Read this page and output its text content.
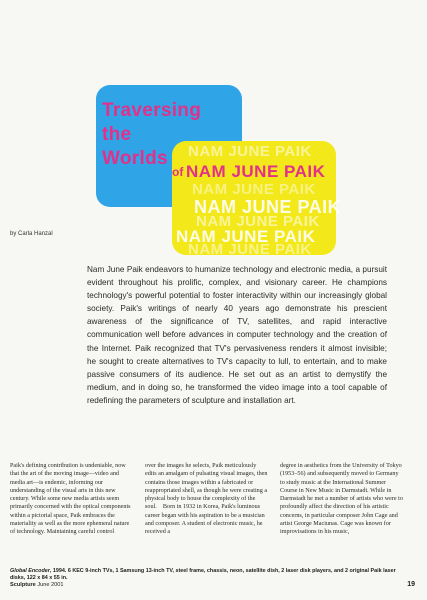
NAM JUNE PAIK
NAM JUNE PAIK
NAM JUNE PAIK
NAM JUNE PAIK
NAM JUNE PAIK
NAM JUNE PAIK
Traversing
the
Worlds
of NAM JUNE PAIK
by Carla Hanzal

Nam June Paik endeavors to humanize technology and electronic media, a pursuit evident throughout his prolific, complex, and visionary career. He champions technology's powerful potential to foster interactivity within our increasingly global society. Paik's writings of nearly 40 years ago demonstrate his prescient awareness of the significance of TV, satellites, and rapid interactive communication well before advances in computer technology and the creation of the Internet. Paik recognized that TV's pervasiveness renders it almost invisible; he sought to create alternatives to TV's capacity to lull, to entertain, and to make passive consumers of its audience. He set out as an artist to demystify the medium, and in doing so, he transformed the video image into a tool capable of redefining the parameters of sculpture and installation art.

Paik's defining contribution is undeniable, now that the art of the moving image—video and media art—is endemic, informing our understanding of the visual arts in this new century. While some new media artists seem primarily concerned with the optical components within a pictorial space, Paik embraces the materiality as well as the more ephemeral nature of technology. Maintaining careful control

over the images he selects, Paik meticulously edits an amalgam of pulsating visual images, then contains those images within a fabricated or reappropriated shell, as though he were creating a physical body to house the complexity of the soul. Born in 1932 in Korea, Paik's luminous career began with his aspiration to be a musician and composer. A student of electronic music, he received a

degree in aesthetics from the University of Tokyo (1953–56) and subsequently moved to Germany to study music at the International Summer Course in New Music in Darmstadt. While in Darmstadt he met a number of artists who were to profoundly affect the direction of his artistic concerns, in particular composer John Cage and artist George Maciunas. Cage was known for improvisations in his music,

Global Encoder, 1994. 6 KEC 9-inch TVs, 1 Samsung 13-inch TV, steel frame, chassis, neon, satellite dish, 2 laser disk players, and 2 original Paik laser disks, 122 x 84 x 55 in.
Sculpture June 2001	19
